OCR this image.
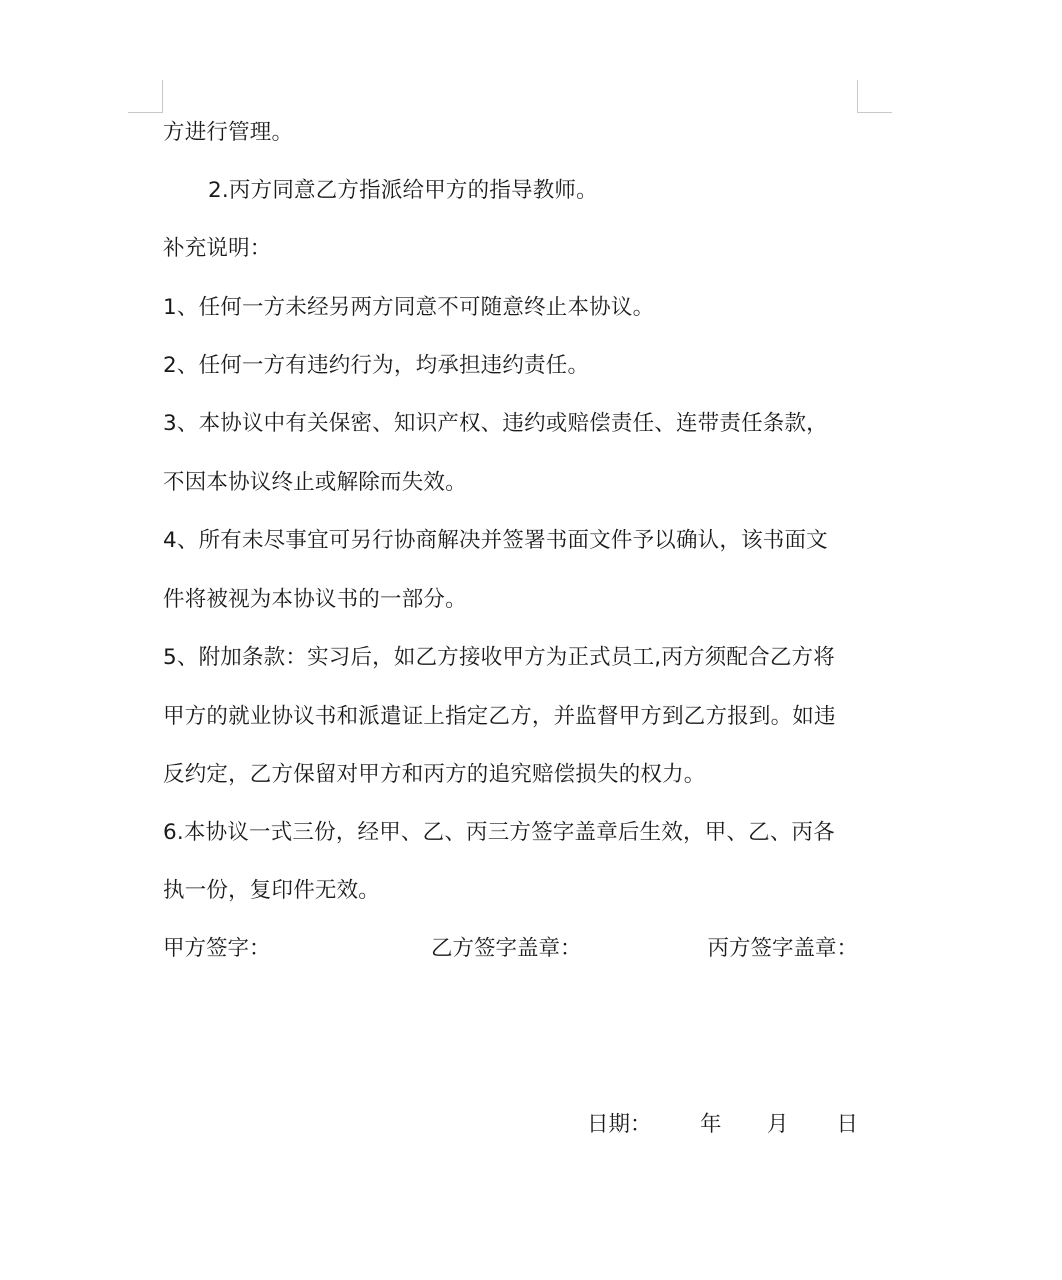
方进行管理。
2.丙方同意乙方指派给甲方的指导教师。
补充说明：
1、任何一方未经另两方同意不可随意终止本协议。
2、任何一方有违约行为，均承担违约责任。
3、本协议中有关保密、知识产权、违约或赔偿责任、连带责任条款，
不因本协议终止或解除而失效。
4、所有未尽事宜可另行协商解决并签署书面文件予以确认，该书面文
件将被视为本协议书的一部分。
5、附加条款：实习后，如乙方接收甲方为正式员工,丙方须配合乙方将
甲方的就业协议书和派遣证上指定乙方，并监督甲方到乙方报到。如违
反约定，乙方保留对甲方和丙方的追究赔偿损失的权力。
6.本协议一式三份，经甲、乙、丙三方签字盖章后生效，甲、乙、丙各
执一份，复印件无效。
甲方签字：	乙方签字盖章：	丙方签字盖章：
日期： 年 月 日
